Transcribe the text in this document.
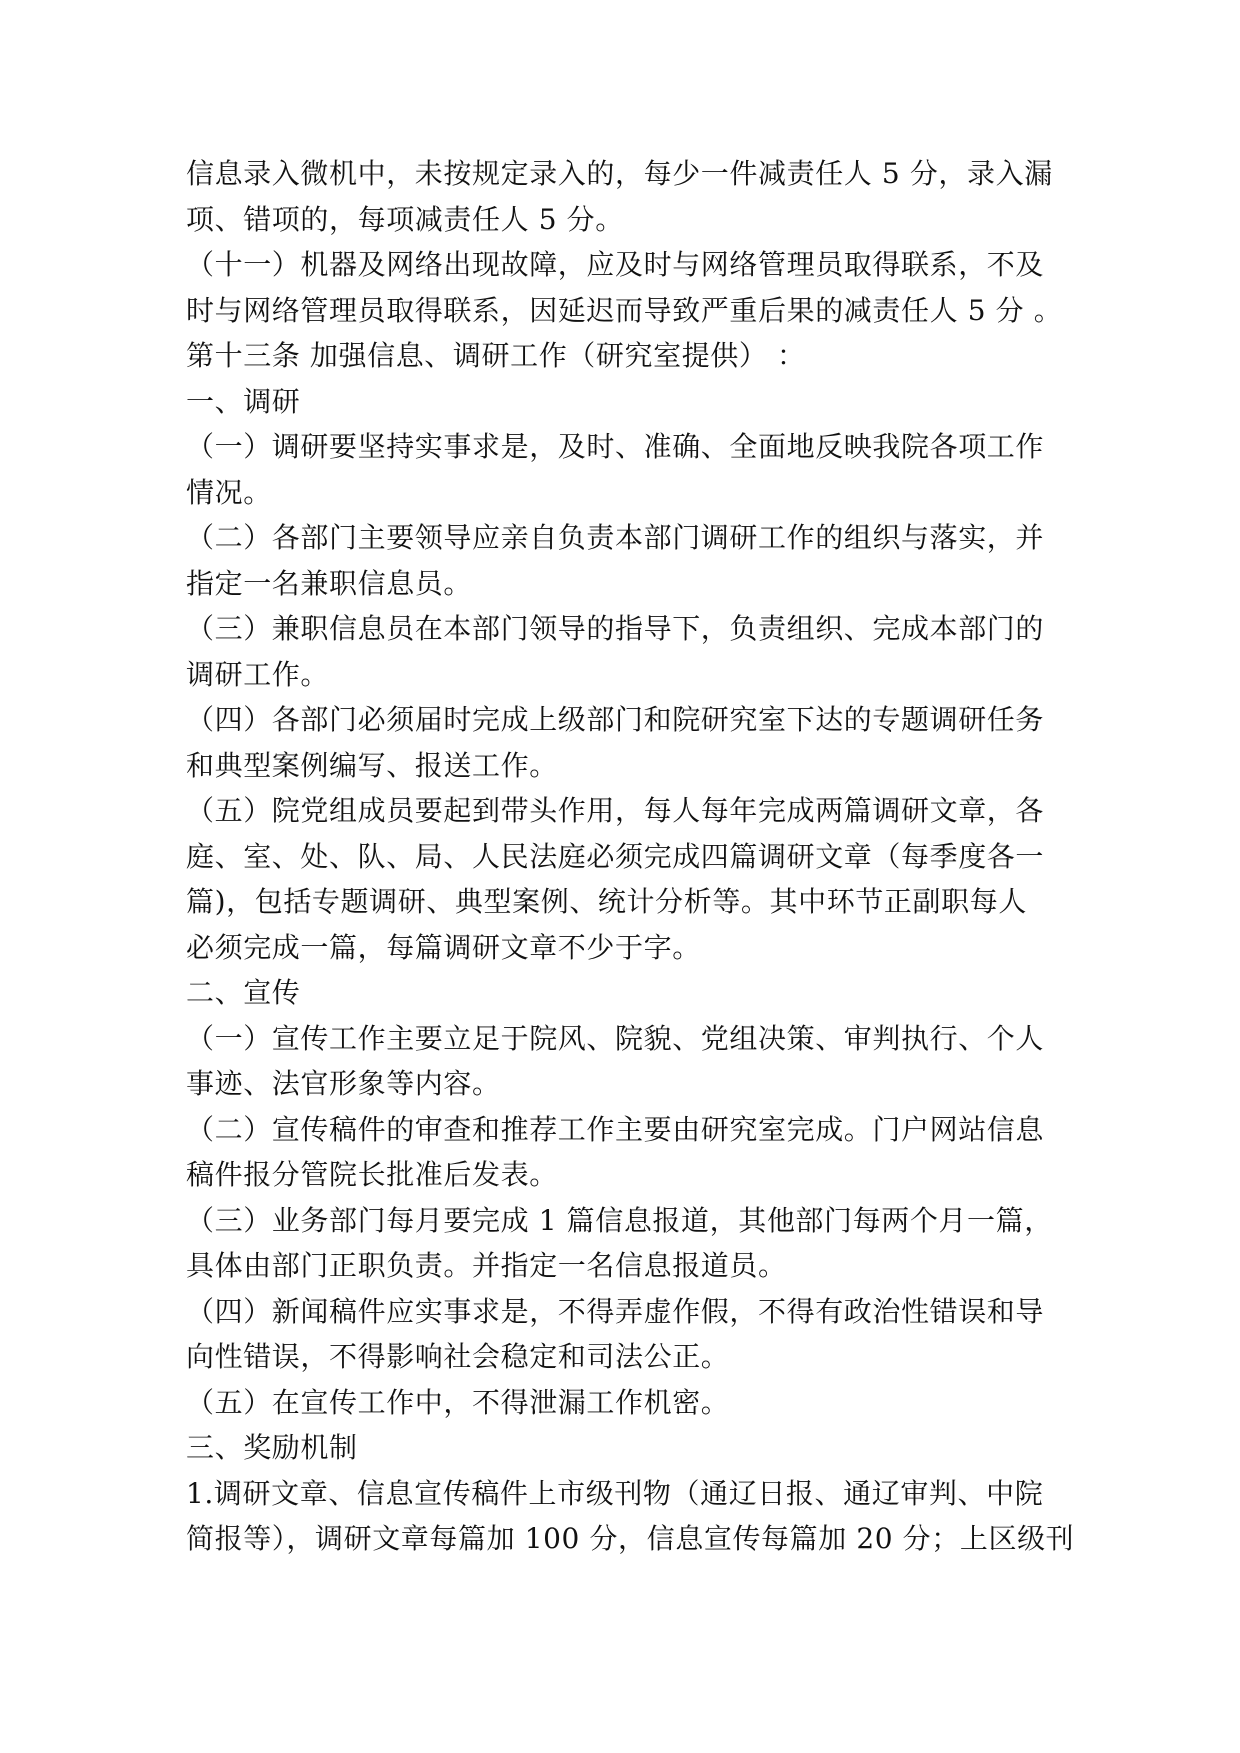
信息录入微机中，未按规定录入的，每少一件减责任人 5 分，录入漏
项、错项的，每项减责任人 5 分。
（十一）机器及网络出现故障，应及时与网络管理员取得联系，不及
时与网络管理员取得联系，因延迟而导致严重后果的减责任人 5 分 。
第十三条 加强信息、调研工作（研究室提供） ：
一、调研
（一）调研要坚持实事求是，及时、准确、全面地反映我院各项工作
情况。
（二）各部门主要领导应亲自负责本部门调研工作的组织与落实，并
指定一名兼职信息员。
（三）兼职信息员在本部门领导的指导下，负责组织、完成本部门的
调研工作。
（四）各部门必须届时完成上级部门和院研究室下达的专题调研任务
和典型案例编写、报送工作。
（五）院党组成员要起到带头作用，每人每年完成两篇调研文章，各
庭、室、处、队、局、人民法庭必须完成四篇调研文章（每季度各一
篇)，包括专题调研、典型案例、统计分析等。其中环节正副职每人
必须完成一篇，每篇调研文章不少于字。
二、宣传
（一）宣传工作主要立足于院风、院貌、党组决策、审判执行、个人
事迹、法官形象等内容。
（二）宣传稿件的审查和推荐工作主要由研究室完成。门户网站信息
稿件报分管院长批准后发表。
（三）业务部门每月要完成 1 篇信息报道，其他部门每两个月一篇，
具体由部门正职负责。并指定一名信息报道员。
（四）新闻稿件应实事求是，不得弄虚作假，不得有政治性错误和导
向性错误，不得影响社会稳定和司法公正。
（五）在宣传工作中，不得泄漏工作机密。
三、奖励机制
1.调研文章、信息宣传稿件上市级刊物（通辽日报、通辽审判、中院
简报等），调研文章每篇加 100 分，信息宣传每篇加 20 分；上区级刊
